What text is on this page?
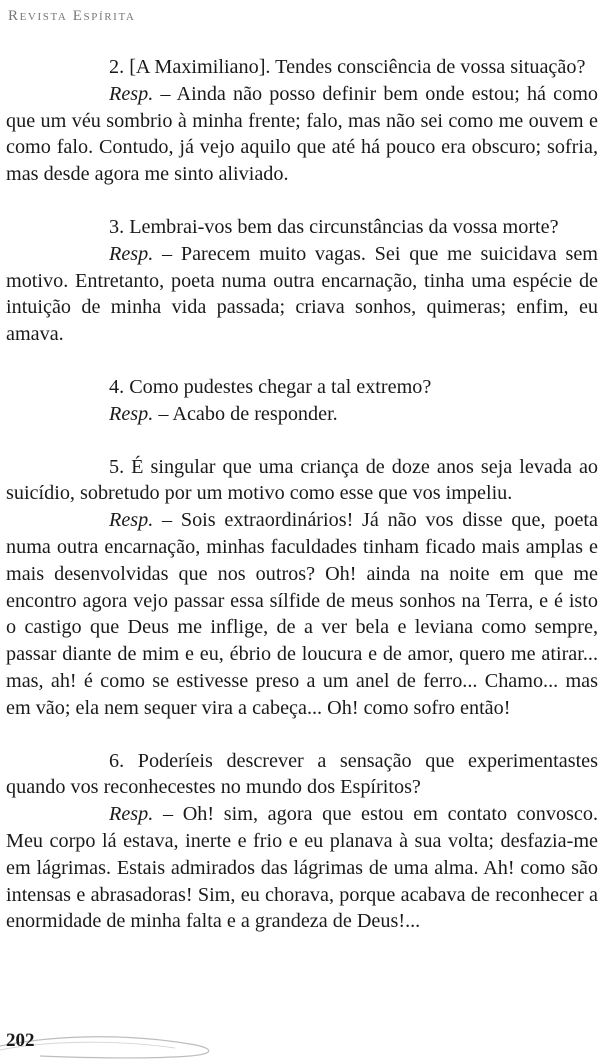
Revista Espírita

2. [A Maximiliano]. Tendes consciência de vossa situação?

Resp. – Ainda não posso definir bem onde estou; há como que um véu sombrio à minha frente; falo, mas não sei como me ouvem e como falo. Contudo, já vejo aquilo que até há pouco era obscuro; sofria, mas desde agora me sinto aliviado.

3. Lembrai-vos bem das circunstâncias da vossa morte?

Resp. – Parecem muito vagas. Sei que me suicidava sem motivo. Entretanto, poeta numa outra encarnação, tinha uma espécie de intuição de minha vida passada; criava sonhos, quimeras; enfim, eu amava.

4. Como pudestes chegar a tal extremo?

Resp. – Acabo de responder.

5. É singular que uma criança de doze anos seja levada ao suicídio, sobretudo por um motivo como esse que vos impeliu.

Resp. – Sois extraordinários! Já não vos disse que, poeta numa outra encarnação, minhas faculdades tinham ficado mais amplas e mais desenvolvidas que nos outros? Oh! ainda na noite em que me encontro agora vejo passar essa sílfide de meus sonhos na Terra, e é isto o castigo que Deus me inflige, de a ver bela e leviana como sempre, passar diante de mim e eu, ébrio de loucura e de amor, quero me atirar... mas, ah! é como se estivesse preso a um anel de ferro... Chamo... mas em vão; ela nem sequer vira a cabeça... Oh! como sofro então!

6. Poderíeis descrever a sensação que experimentastes quando vos reconhecestes no mundo dos Espíritos?

Resp. – Oh! sim, agora que estou em contato convosco. Meu corpo lá estava, inerte e frio e eu planava à sua volta; desfazia-me em lágrimas. Estais admirados das lágrimas de uma alma. Ah! como são intensas e abrasadoras! Sim, eu chorava, porque acabava de reconhecer a enormidade de minha falta e a grandeza de Deus!...

202
